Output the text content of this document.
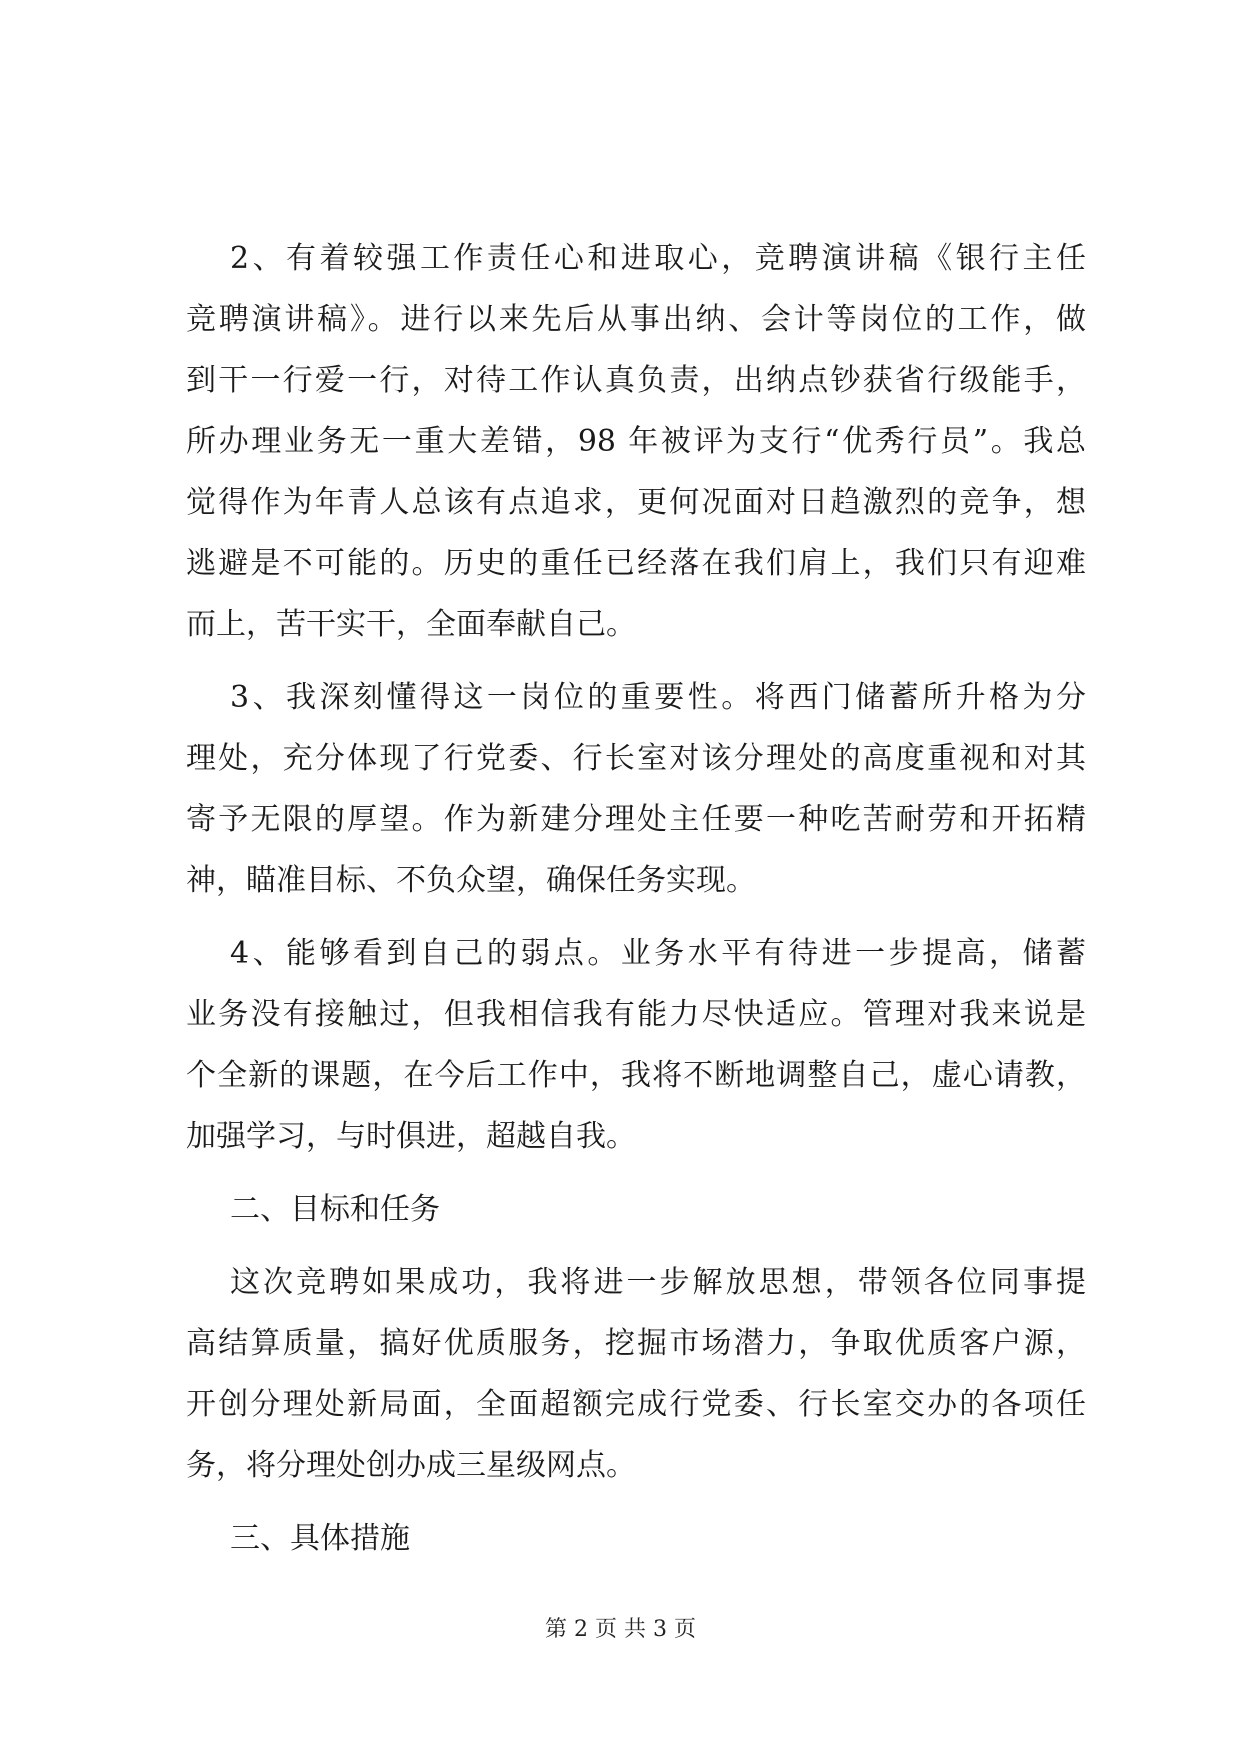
2、有着较强工作责任心和进取心，竞聘演讲稿《银行主任
竞聘演讲稿》。进行以来先后从事出纳、会计等岗位的工作，做
到干一行爱一行，对待工作认真负责，出纳点钞获省行级能手，
所办理业务无一重大差错，98 年被评为支行“优秀行员”。我总
觉得作为年青人总该有点追求，更何况面对日趋激烈的竞争，想
逃避是不可能的。历史的重任已经落在我们肩上，我们只有迎难
而上，苦干实干，全面奉献自己。
3、我深刻懂得这一岗位的重要性。将西门储蓄所升格为分
理处，充分体现了行党委、行长室对该分理处的高度重视和对其
寄予无限的厚望。作为新建分理处主任要一种吃苦耐劳和开拓精
神，瞄准目标、不负众望，确保任务实现。
4、能够看到自己的弱点。业务水平有待进一步提高，储蓄
业务没有接触过，但我相信我有能力尽快适应。管理对我来说是
个全新的课题，在今后工作中，我将不断地调整自己，虚心请教，
加强学习，与时俱进，超越自我。
二、目标和任务
这次竞聘如果成功，我将进一步解放思想，带领各位同事提
高结算质量，搞好优质服务，挖掘市场潜力，争取优质客户源，
开创分理处新局面，全面超额完成行党委、行长室交办的各项任
务，将分理处创办成三星级网点。
三、具体措施
第 2 页 共 3 页
